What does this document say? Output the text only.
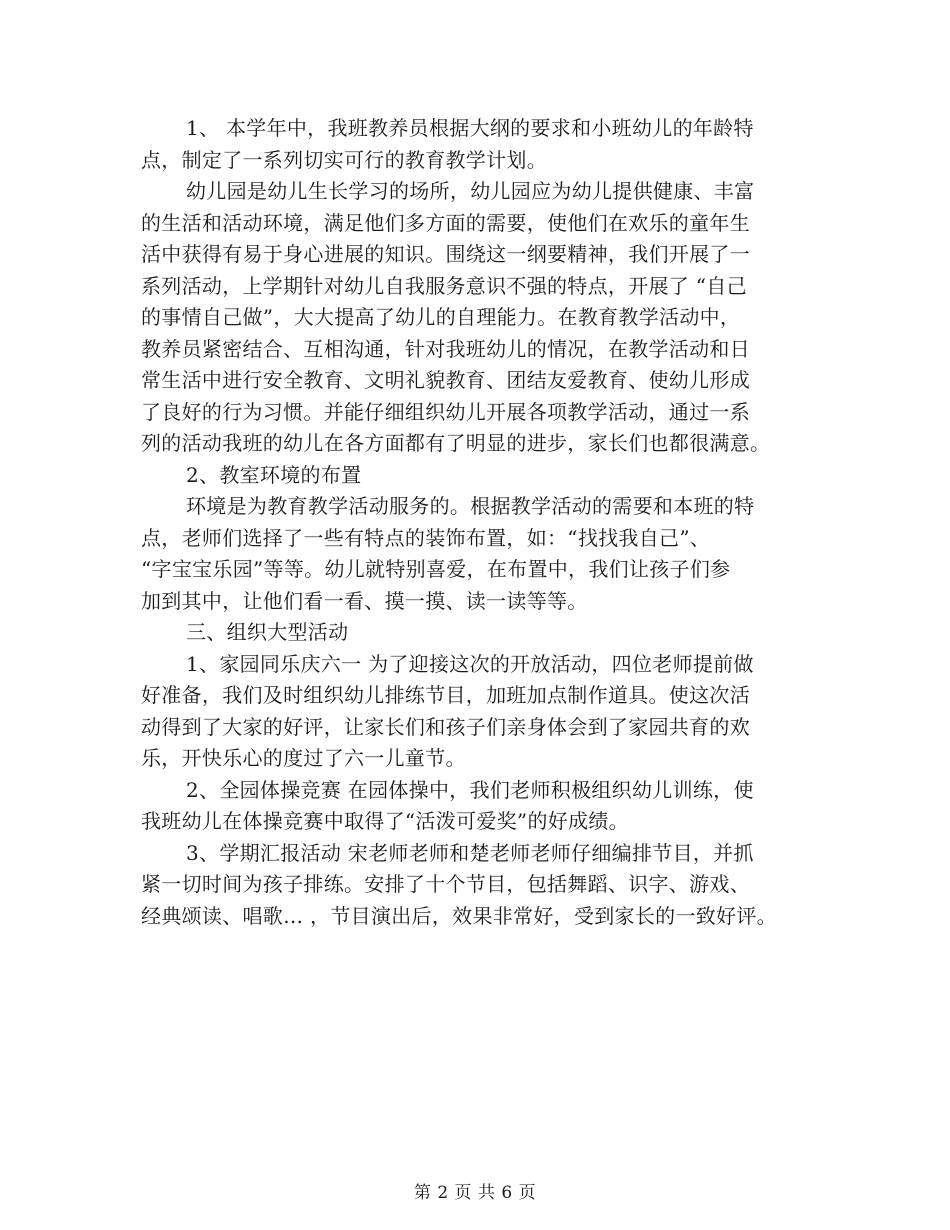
1、 本学年中，我班教养员根据大纲的要求和小班幼儿的年龄特
点，制定了一系列切实可行的教育教学计划。
幼儿园是幼儿生长学习的场所，幼儿园应为幼儿提供健康、丰富
的生活和活动环境，满足他们多方面的需要，使他们在欢乐的童年生
活中获得有易于身心进展的知识。围绕这一纲要精神，我们开展了一
系列活动，上学期针对幼儿自我服务意识不强的特点，开展了 “自己
的事情自己做”，大大提高了幼儿的自理能力。在教育教学活动中，
教养员紧密结合、互相沟通，针对我班幼儿的情况，在教学活动和日
常生活中进行安全教育、文明礼貌教育、团结友爱教育、使幼儿形成
了良好的行为习惯。并能仔细组织幼儿开展各项教学活动，通过一系
列的活动我班的幼儿在各方面都有了明显的进步，家长们也都很满意。
2、教室环境的布置
环境是为教育教学活动服务的。根据教学活动的需要和本班的特
点，老师们选择了一些有特点的装饰布置，如：“找找我自己”、
“字宝宝乐园”等等。幼儿就特别喜爱，在布置中，我们让孩子们参
加到其中，让他们看一看、摸一摸、读一读等等。
三、组织大型活动
1、家园同乐庆六一 为了迎接这次的开放活动，四位老师提前做
好准备，我们及时组织幼儿排练节目，加班加点制作道具。使这次活
动得到了大家的好评，让家长们和孩子们亲身体会到了家园共育的欢
乐，开快乐心的度过了六一儿童节。
2、全园体操竞赛 在园体操中，我们老师积极组织幼儿训练，使
我班幼儿在体操竞赛中取得了“活泼可爱奖”的好成绩。
3、学期汇报活动 宋老师老师和楚老师老师仔细编排节目，并抓
紧一切时间为孩子排练。安排了十个节目，包括舞蹈、识字、游戏、
经典颂读、唱歌… ，节目演出后，效果非常好，受到家长的一致好评。
第 2 页 共 6 页
